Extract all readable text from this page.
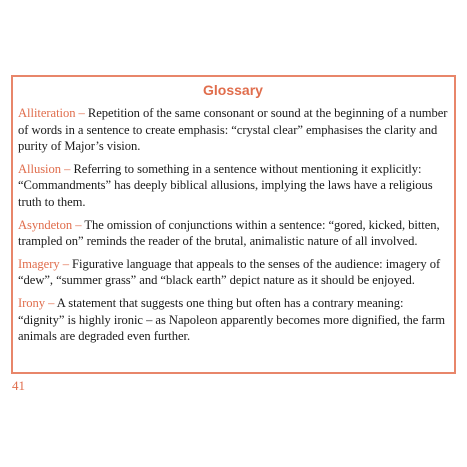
Glossary

Alliteration – Repetition of the same consonant or sound at the beginning of a number of words in a sentence to create emphasis: “crystal clear” emphasises the clarity and purity of Major’s vision.

Allusion – Referring to something in a sentence without mentioning it explicitly: “Commandments” has deeply biblical allusions, implying the laws have a religious truth to them.

Asyndeton – The omission of conjunctions within a sentence: “gored, kicked, bitten, trampled on” reminds the reader of the brutal, animalistic nature of all involved.

Imagery – Figurative language that appeals to the senses of the audience: imagery of “dew”, “summer grass” and “black earth” depict nature as it should be enjoyed.

Irony – A statement that suggests one thing but often has a contrary meaning: “dignity” is highly ironic – as Napoleon apparently becomes more dignified, the farm animals are degraded even further.

41
